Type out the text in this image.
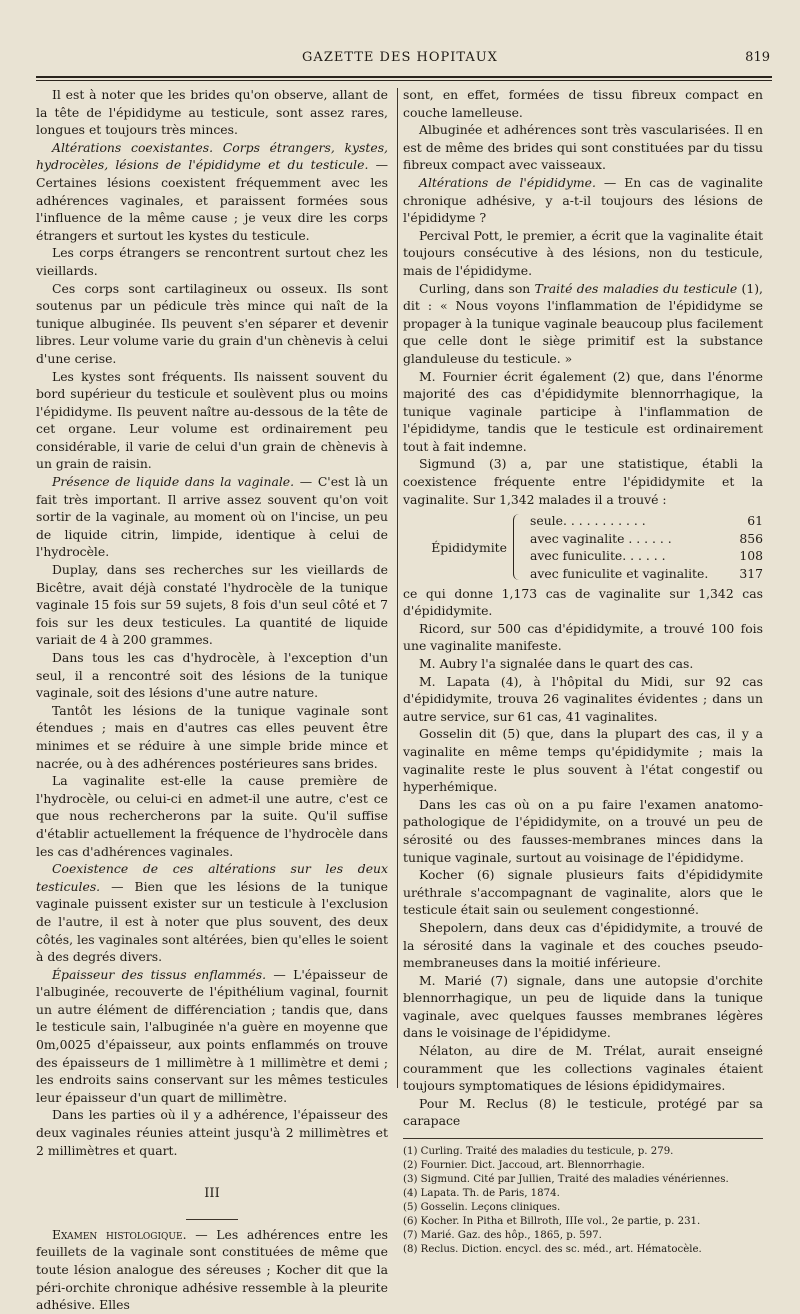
GAZETTE DES HOPITAUX	819

Il est à noter que les brides qu'on observe, allant de la tête de l'épididyme au testicule, sont assez rares, longues et toujours très minces.

Altérations coexistantes. Corps étrangers, kystes, hydrocèles, lésions de l'épididyme et du testicule. — Certaines lésions coexistent fréquemment avec les adhérences vaginales, et paraissent formées sous l'influence de la même cause ; je veux dire les corps étrangers et surtout les kystes du testicule.

Les corps étrangers se rencontrent surtout chez les vieillards.

Ces corps sont cartilagineux ou osseux. Ils sont soutenus par un pédicule très mince qui naît de la tunique albuginée. Ils peuvent s'en séparer et devenir libres. Leur volume varie du grain d'un chènevis à celui d'une cerise.

Les kystes sont fréquents. Ils naissent souvent du bord supérieur du testicule et soulèvent plus ou moins l'épididyme. Ils peuvent naître au-dessous de la tête de cet organe. Leur volume est ordinairement peu considérable, il varie de celui d'un grain de chènevis à un grain de raisin.

Présence de liquide dans la vaginale. — C'est là un fait très important. Il arrive assez souvent qu'on voit sortir de la vaginale, au moment où on l'incise, un peu de liquide citrin, limpide, identique à celui de l'hydrocèle.

Duplay, dans ses recherches sur les vieillards de Bicêtre, avait déjà constaté l'hydrocèle de la tunique vaginale 15 fois sur 59 sujets, 8 fois d'un seul côté et 7 fois sur les deux testicules. La quantité de liquide variait de 4 à 200 grammes.

Dans tous les cas d'hydrocèle, à l'exception d'un seul, il a rencontré soit des lésions de la tunique vaginale, soit des lésions d'une autre nature.

Tantôt les lésions de la tunique vaginale sont étendues ; mais en d'autres cas elles peuvent être minimes et se réduire à une simple bride mince et nacrée, ou à des adhérences postérieures sans brides.

La vaginalite est-elle la cause première de l'hydrocèle, ou celui-ci en admet-il une autre, c'est ce que nous rechercherons par la suite. Qu'il suffise d'établir actuellement la fréquence de l'hydrocèle dans les cas d'adhérences vaginales.

Coexistence de ces altérations sur les deux testicules. — Bien que les lésions de la tunique vaginale puissent exister sur un testicule à l'exclusion de l'autre, il est à noter que plus souvent, des deux côtés, les vaginales sont altérées, bien qu'elles le soient à des degrés divers.

Épaisseur des tissus enflammés. — L'épaisseur de l'albuginée, recouverte de l'épithélium vaginal, fournit un autre élément de différenciation ; tandis que, dans le testicule sain, l'albuginée n'a guère en moyenne que 0m,0025 d'épaisseur, aux points enflammés on trouve des épaisseurs de 1 millimètre à 1 millimètre et demi ; les endroits sains conservant sur les mêmes testicules leur épaisseur d'un quart de millimètre.

Dans les parties où il y a adhérence, l'épaisseur des deux vaginales réunies atteint jusqu'à 2 millimètres et 2 millimètres et quart.

III

Examen histologique. — Les adhérences entre les feuillets de la vaginale sont constituées de même que toute lésion analogue des séreuses ; Kocher dit que la péri-orchite chronique adhésive ressemble à la pleurite adhésive. Elles

sont, en effet, formées de tissu fibreux compact en couche lamelleuse.

Albuginée et adhérences sont très vascularisées. Il en est de même des brides qui sont constituées par du tissu fibreux compact avec vaisseaux.

Altérations de l'épididyme. — En cas de vaginalite chronique adhésive, y a-t-il toujours des lésions de l'épididyme ?

Percival Pott, le premier, a écrit que la vaginalite était toujours consécutive à des lésions, non du testicule, mais de l'épididyme.

Curling, dans son Traité des maladies du testicule (1), dit : « Nous voyons l'inflammation de l'épididyme se propager à la tunique vaginale beaucoup plus facilement que celle dont le siège primitif est la substance glanduleuse du testicule. »

M. Fournier écrit également (2) que, dans l'énorme majorité des cas d'épididymite blennorrhagique, la tunique vaginale participe à l'inflammation de l'épididyme, tandis que le testicule est ordinairement tout à fait indemne.

Sigmund (3) a, par une statistique, établi la coexistence fréquente entre l'épididymite et la vaginalite. Sur 1,342 malades il a trouvé :

Épididymite
seule. . . . . . . . . . .	61
avec vaginalite . . . . . .	856
avec funiculite. . . . . .	108
avec funiculite et vaginalite.	317

ce qui donne 1,173 cas de vaginalite sur 1,342 cas d'épididymite.

Ricord, sur 500 cas d'épididymite, a trouvé 100 fois une vaginalite manifeste.

M. Aubry l'a signalée dans le quart des cas.

M. Lapata (4), à l'hôpital du Midi, sur 92 cas d'épididymite, trouva 26 vaginalites évidentes ; dans un autre service, sur 61 cas, 41 vaginalites.

Gosselin dit (5) que, dans la plupart des cas, il y a vaginalite en même temps qu'épididymite ; mais la vaginalite reste le plus souvent à l'état congestif ou hyperhémique.

Dans les cas où on a pu faire l'examen anatomo-pathologique de l'épididymite, on a trouvé un peu de sérosité ou des fausses-membranes minces dans la tunique vaginale, surtout au voisinage de l'épididyme.

Kocher (6) signale plusieurs faits d'épididymite uréthrale s'accompagnant de vaginalite, alors que le testicule était sain ou seulement congestionné.

Shepolern, dans deux cas d'épididymite, a trouvé de la sérosité dans la vaginale et des couches pseudo-membraneuses dans la moitié inférieure.

M. Marié (7) signale, dans une autopsie d'orchite blennorrhagique, un peu de liquide dans la tunique vaginale, avec quelques fausses membranes légères dans le voisinage de l'épididyme.

Nélaton, au dire de M. Trélat, aurait enseigné couramment que les collections vaginales étaient toujours symptomatiques de lésions épididymaires.

Pour M. Reclus (8) le testicule, protégé par sa carapace

(1) Curling. Traité des maladies du testicule, p. 279.
(2) Fournier. Dict. Jaccoud, art. Blennorrhagie.
(3) Sigmund. Cité par Jullien, Traité des maladies vénériennes.
(4) Lapata. Th. de Paris, 1874.
(5) Gosselin. Leçons cliniques.
(6) Kocher. In Pitha et Billroth, IIIe vol., 2e partie, p. 231.
(7) Marié. Gaz. des hôp., 1865, p. 597.
(8) Reclus. Diction. encycl. des sc. méd., art. Hématocèle.
